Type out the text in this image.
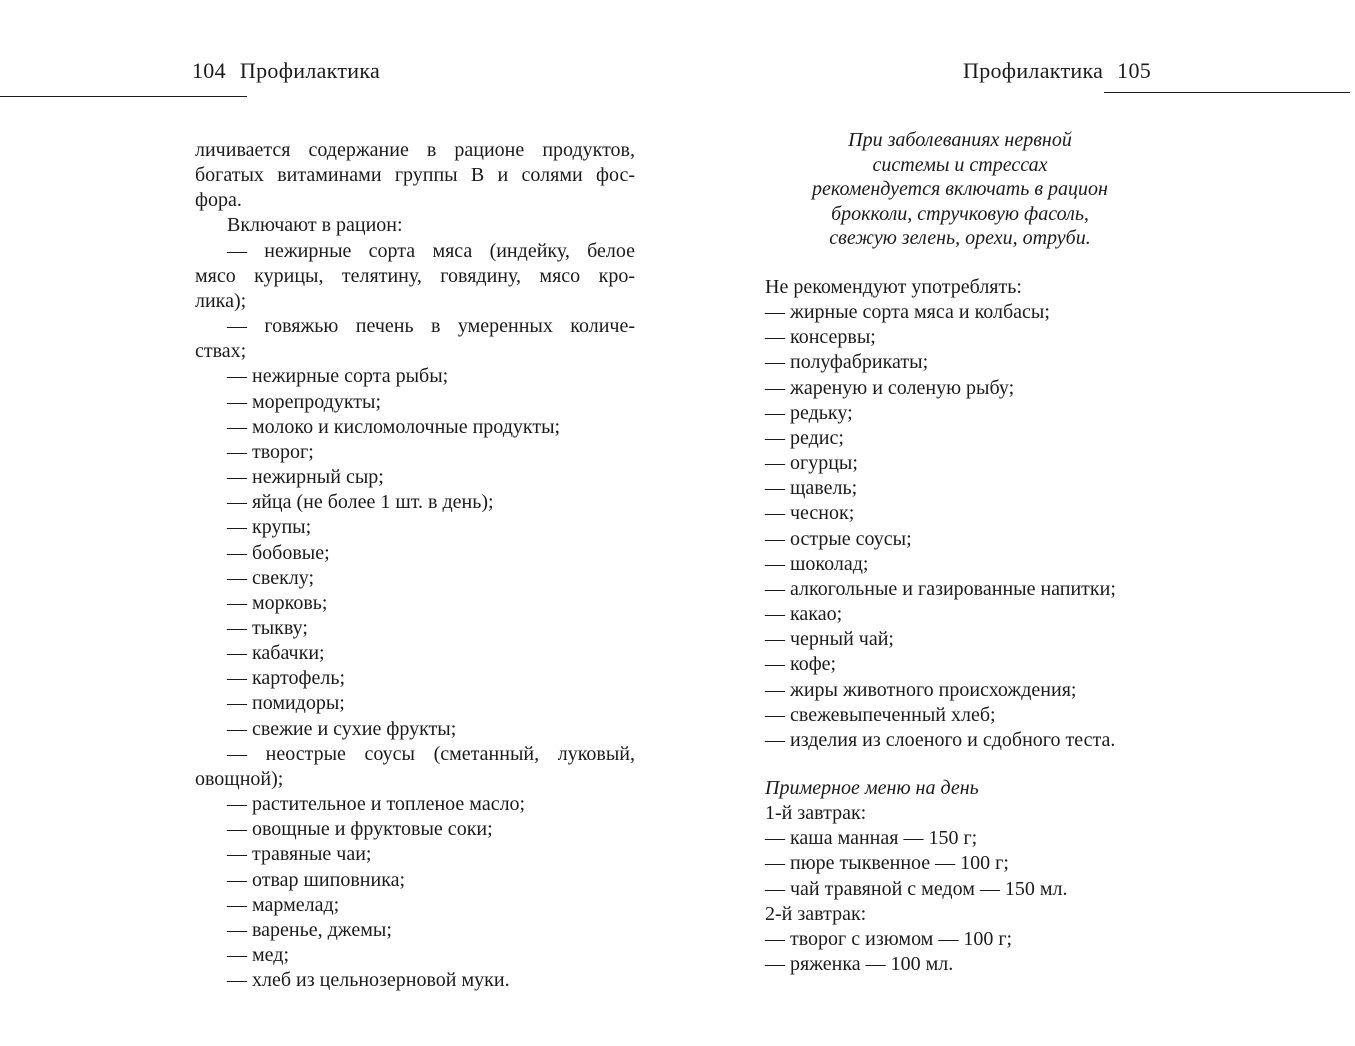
104 Профилактика
личивается содержание в рационе продуктов,
богатых витаминами группы В и солями фос-
фора.
Включают в рацион:
— нежирные сорта мяса (индейку, белое
мясо курицы, телятину, говядину, мясо кро-
лика);
— говяжью печень в умеренных количе-
ствах;
— нежирные сорта рыбы;
— морепродукты;
— молоко и кисломолочные продукты;
— творог;
— нежирный сыр;
— яйца (не более 1 шт. в день);
— крупы;
— бобовые;
— свеклу;
— морковь;
— тыкву;
— кабачки;
— картофель;
— помидоры;
— свежие и сухие фрукты;
— неострые соусы (сметанный, луковый,
овощной);
— растительное и топленое масло;
— овощные и фруктовые соки;
— травяные чаи;
— отвар шиповника;
— мармелад;
— варенье, джемы;
— мед;
— хлеб из цельнозерновой муки.
Профилактика 105
При заболеваниях нервной
системы и стрессах
рекомендуется включать в рацион
брокколи, стручковую фасоль,
свежую зелень, орехи, отруби.
Не рекомендуют употреблять:
— жирные сорта мяса и колбасы;
— консервы;
— полуфабрикаты;
— жареную и соленую рыбу;
— редьку;
— редис;
— огурцы;
— щавель;
— чеснок;
— острые соусы;
— шоколад;
— алкогольные и газированные напитки;
— какао;
— черный чай;
— кофе;
— жиры животного происхождения;
— свежевыпеченный хлеб;
— изделия из слоеного и сдобного теста.
Примерное меню на день
1-й завтрак:
— каша манная — 150 г;
— пюре тыквенное — 100 г;
— чай травяной с медом — 150 мл.
2-й завтрак:
— творог с изюмом — 100 г;
— ряженка — 100 мл.
